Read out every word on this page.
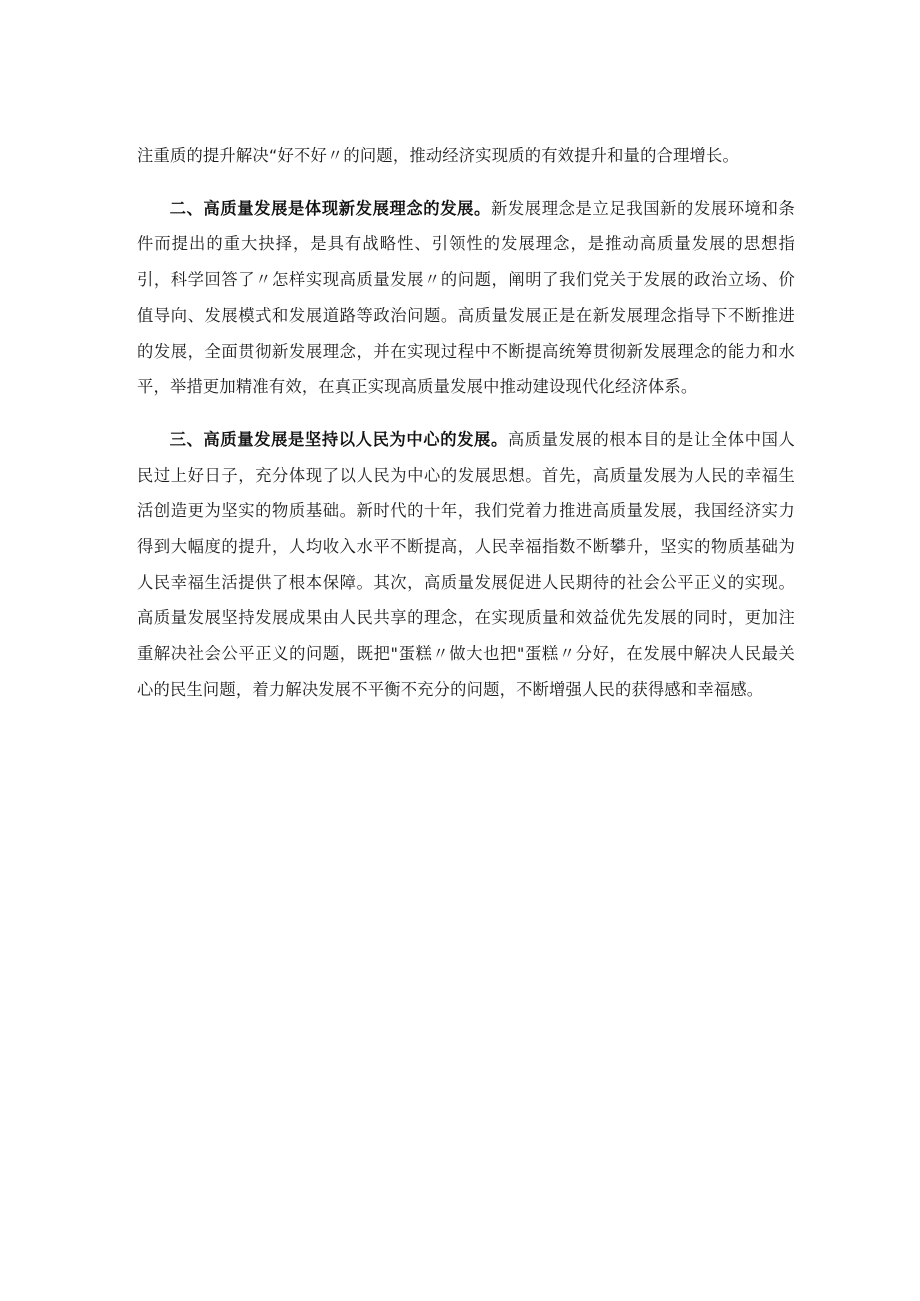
注重质的提升解决“好不好〃的问题，推动经济实现质的有效提升和量的合理增长。

二、高质量发展是体现新发展理念的发展。新发展理念是立足我国新的发展环境和条件而提出的重大抉择，是具有战略性、引领性的发展理念，是推动高质量发展的思想指引，科学回答了〃怎样实现高质量发展〃的问题，阐明了我们党关于发展的政治立场、价值导向、发展模式和发展道路等政治问题。高质量发展正是在新发展理念指导下不断推进的发展，全面贯彻新发展理念，并在实现过程中不断提高统筹贯彻新发展理念的能力和水平，举措更加精准有效，在真正实现高质量发展中推动建设现代化经济体系。

三、高质量发展是坚持以人民为中心的发展。高质量发展的根本目的是让全体中国人民过上好日子，充分体现了以人民为中心的发展思想。首先，高质量发展为人民的幸福生活创造更为坚实的物质基础。新时代的十年，我们党着力推进高质量发展，我国经济实力得到大幅度的提升，人均收入水平不断提高，人民幸福指数不断攀升，坚实的物质基础为人民幸福生活提供了根本保障。其次，高质量发展促进人民期待的社会公平正义的实现。高质量发展坚持发展成果由人民共享的理念，在实现质量和效益优先发展的同时，更加注重解决社会公平正义的问题，既把"蛋糕〃做大也把"蛋糕〃分好，在发展中解决人民最关心的民生问题，着力解决发展不平衡不充分的问题，不断增强人民的获得感和幸福感。
